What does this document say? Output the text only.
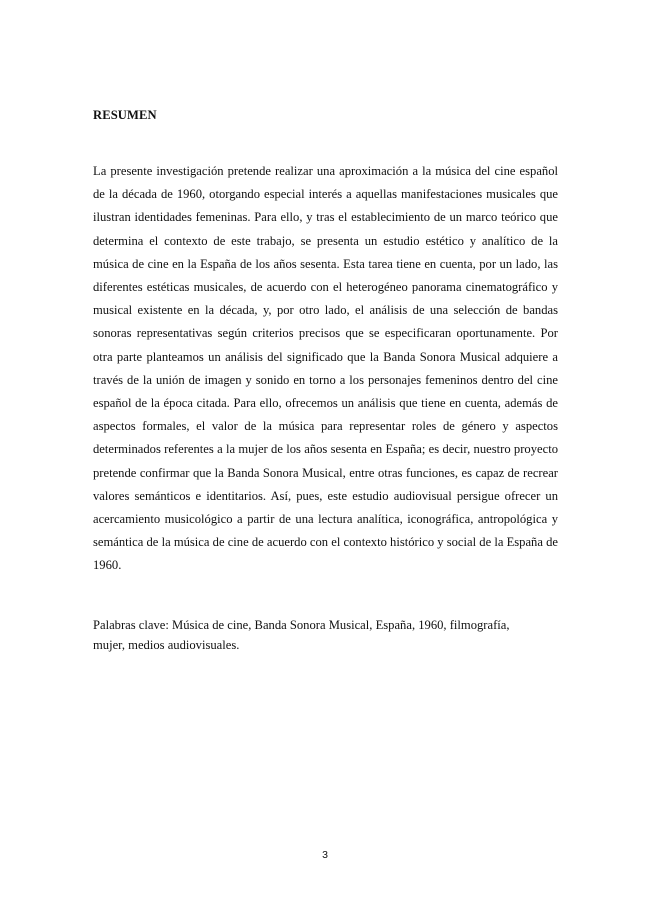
RESUMEN

La presente investigación pretende realizar una aproximación a la música del cine español de la década de 1960, otorgando especial interés a aquellas manifestaciones musicales que ilustran identidades femeninas. Para ello, y tras el establecimiento de un marco teórico que determina el contexto de este trabajo, se presenta un estudio estético y analítico de la música de cine en la España de los años sesenta. Esta tarea tiene en cuenta, por un lado, las diferentes estéticas musicales, de acuerdo con el heterogéneo panorama cinematográfico y musical existente en la década, y, por otro lado, el análisis de una selección de bandas sonoras representativas según criterios precisos que se especificaran oportunamente. Por otra parte planteamos un análisis del significado que la Banda Sonora Musical adquiere a través de la unión de imagen y sonido en torno a los personajes femeninos dentro del cine español de la época citada. Para ello, ofrecemos un análisis que tiene en cuenta, además de aspectos formales, el valor de la música para representar roles de género y aspectos determinados referentes a la mujer de los años sesenta en España; es decir, nuestro proyecto pretende confirmar que la Banda Sonora Musical, entre otras funciones, es capaz de recrear valores semánticos e identitarios. Así, pues, este estudio audiovisual persigue ofrecer un acercamiento musicológico a partir de una lectura analítica, iconográfica, antropológica y semántica de la música de cine de acuerdo con el contexto histórico y social de la España de 1960.

Palabras clave: Música de cine, Banda Sonora Musical, España, 1960, filmografía,
mujer, medios audiovisuales.
3
